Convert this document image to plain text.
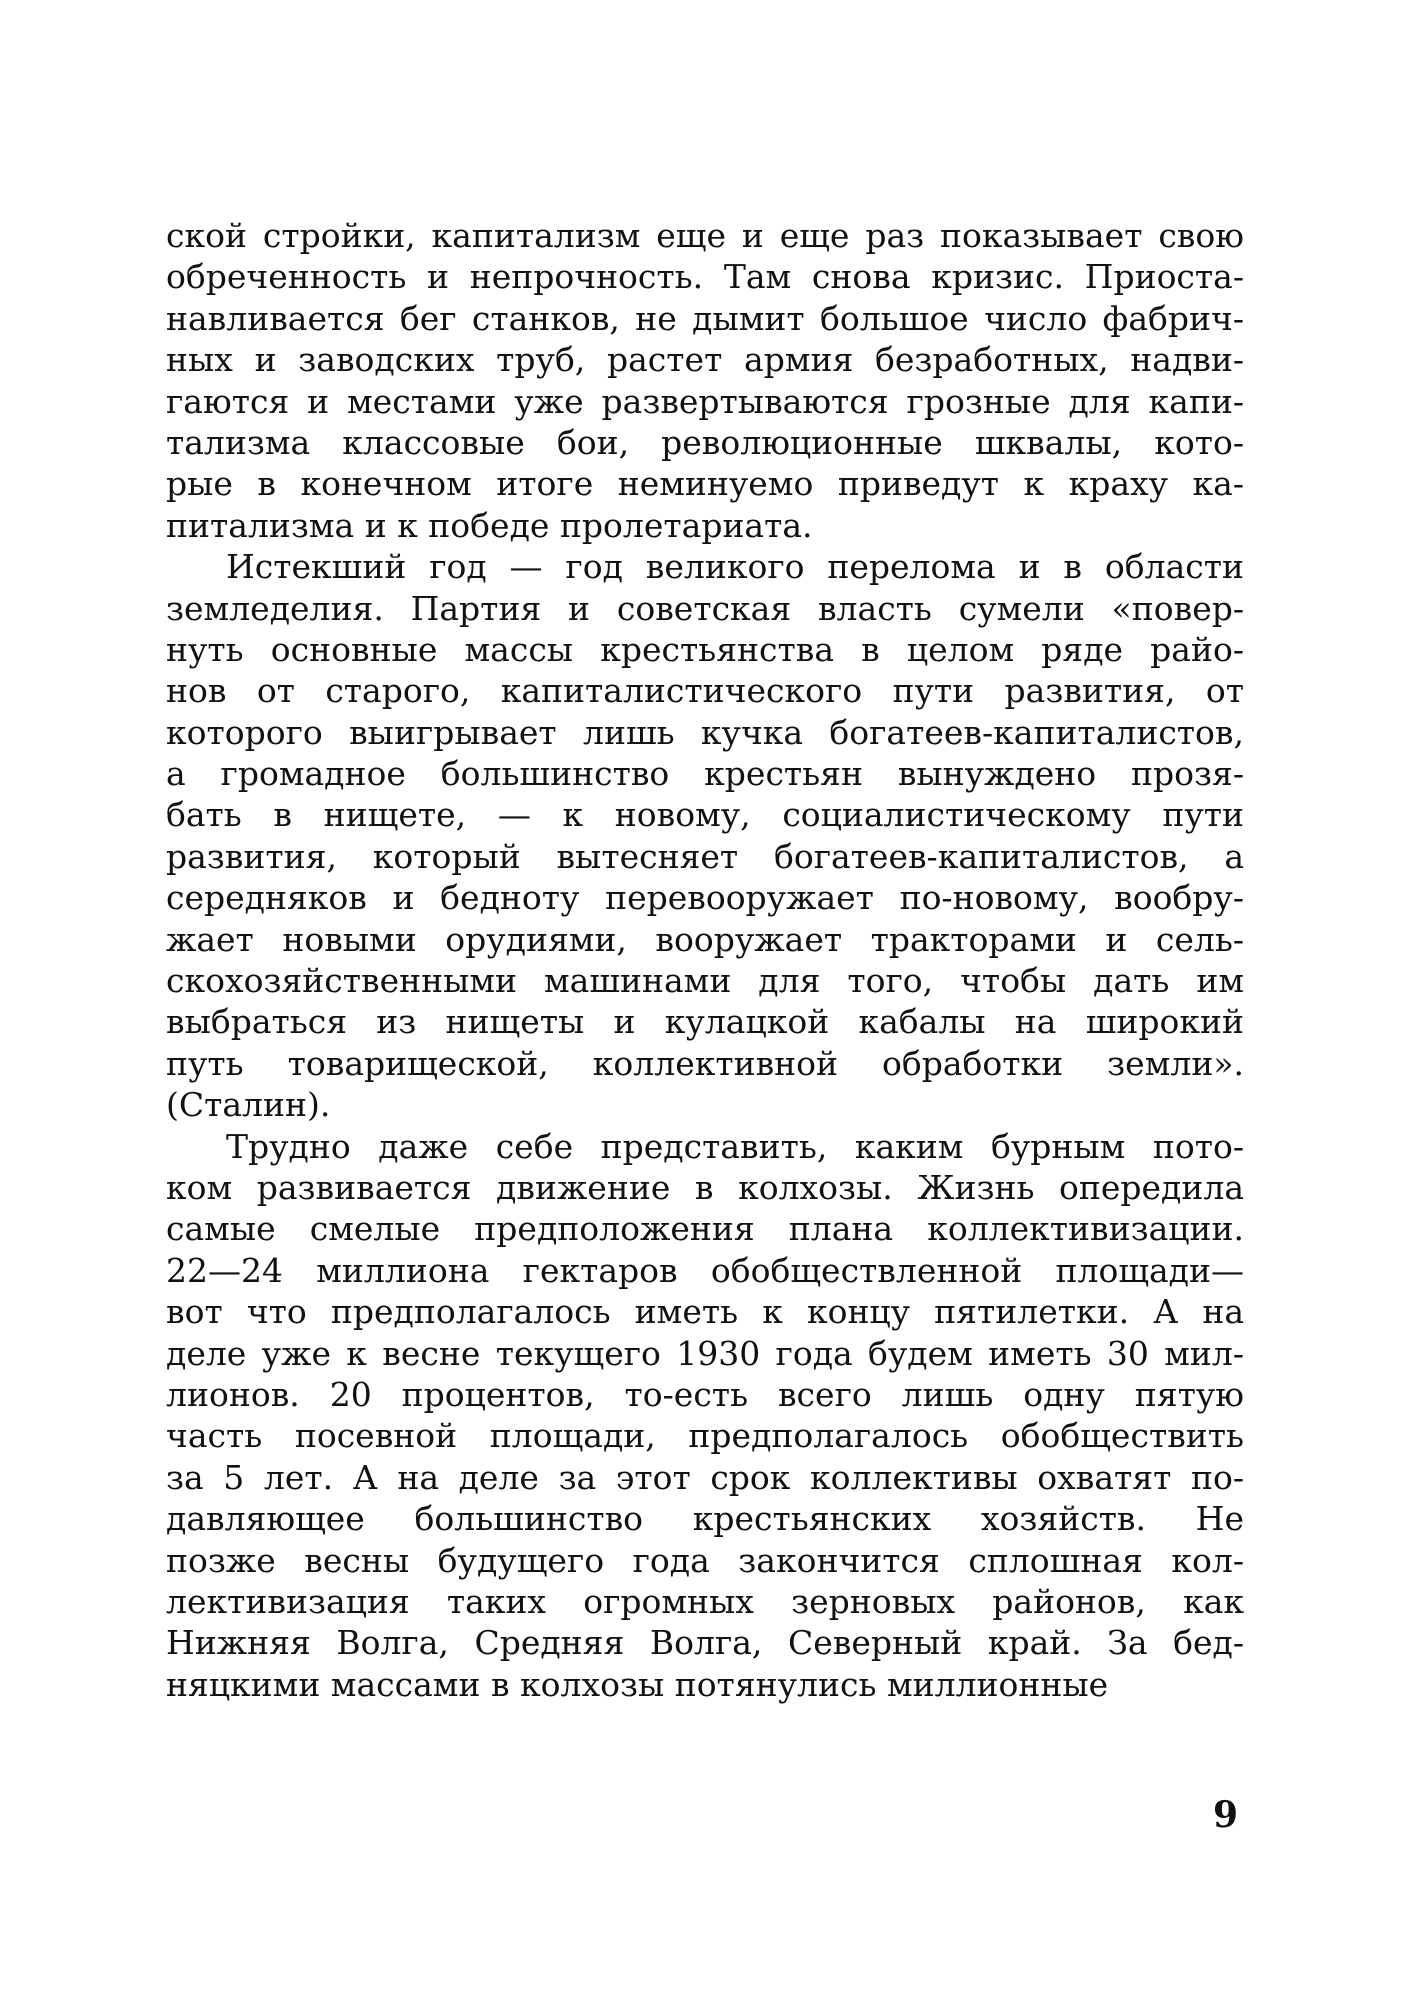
ской стройки, капитализм еще и еще раз показывает свою
обреченность и непрочность. Там снова кризис. Приоста-
навливается бег станков, не дымит большое число фабрич-
ных и заводских труб, растет армия безработных, надви-
гаются и местами уже развертываются грозные для капи-
тализма классовые бои, революционные шквалы, кото-
рые в конечном итоге неминуемо приведут к краху ка-
питализма и к победе пролетариата.
Истекший год — год великого перелома и в области
земледелия. Партия и советская власть сумели «повер-
нуть основные массы крестьянства в целом ряде райо-
нов от старого, капиталистического пути развития, от
которого выигрывает лишь кучка богатеев-капиталистов,
а громадное большинство крестьян вынуждено прозя-
бать в нищете, — к новому, социалистическому пути
развития, который вытесняет богатеев-капиталистов, а
середняков и бедноту перевооружает по-новому, вообру-
жает новыми орудиями, вооружает тракторами и сель-
скохозяйственными машинами для того, чтобы дать им
выбраться из нищеты и кулацкой кабалы на широкий
путь товарищеской, коллективной обработки земли».
(Сталин).
Трудно даже себе представить, каким бурным пото-
ком развивается движение в колхозы. Жизнь опередила
самые смелые предположения плана коллективизации.
22—24 миллиона гектаров обобществленной площади—
вот что предполагалось иметь к концу пятилетки. А на
деле уже к весне текущего 1930 года будем иметь 30 мил-
лионов. 20 процентов, то-есть всего лишь одну пятую
часть посевной площади, предполагалось обобществить
за 5 лет. А на деле за этот срок коллективы охватят по-
давляющее большинство крестьянских хозяйств. Не
позже весны будущего года закончится сплошная кол-
лективизация таких огромных зерновых районов, как
Нижняя Волга, Средняя Волга, Северный край. За бед-
няцкими массами в колхозы потянулись миллионные
9
